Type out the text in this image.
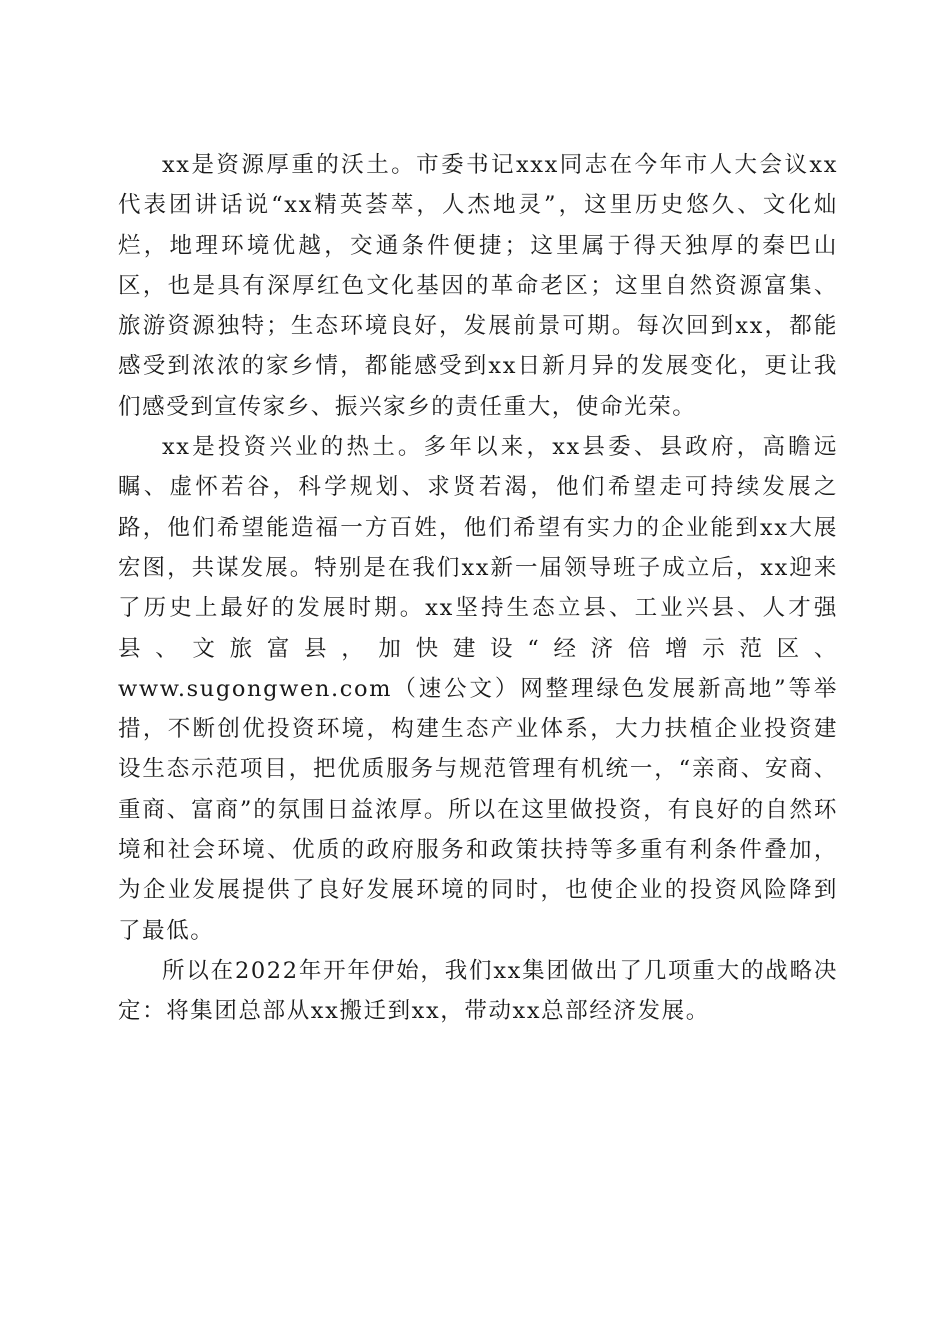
xx是资源厚重的沃土。市委书记xxx同志在今年市人大会议xx代表团讲话说“xx精英荟萃，人杰地灵”，这里历史悠久、文化灿烂，地理环境优越，交通条件便捷；这里属于得天独厚的秦巴山区，也是具有深厚红色文化基因的革命老区；这里自然资源富集、旅游资源独特；生态环境良好，发展前景可期。每次回到xx，都能感受到浓浓的家乡情，都能感受到xx日新月异的发展变化，更让我们感受到宣传家乡、振兴家乡的责任重大，使命光荣。

xx是投资兴业的热土。多年以来，xx县委、县政府，高瞻远瞩、虚怀若谷，科学规划、求贤若渴，他们希望走可持续发展之路，他们希望能造福一方百姓，他们希望有实力的企业能到xx大展宏图，共谋发展。特别是在我们xx新一届领导班子成立后，xx迎来了历史上最好的发展时期。xx坚持生态立县、工业兴县、人才强县、文旅富县，加快建设“经济倍增示范区、www.sugongwen.com（速公文）网整理绿色发展新高地”等举措，不断创优投资环境，构建生态产业体系，大力扶植企业投资建设生态示范项目，把优质服务与规范管理有机统一，“亲商、安商、重商、富商”的氛围日益浓厚。所以在这里做投资，有良好的自然环境和社会环境、优质的政府服务和政策扶持等多重有利条件叠加，为企业发展提供了良好发展环境的同时，也使企业的投资风险降到了最低。

所以在2022年开年伊始，我们xx集团做出了几项重大的战略决定：将集团总部从xx搬迁到xx，带动xx总部经济发展。
